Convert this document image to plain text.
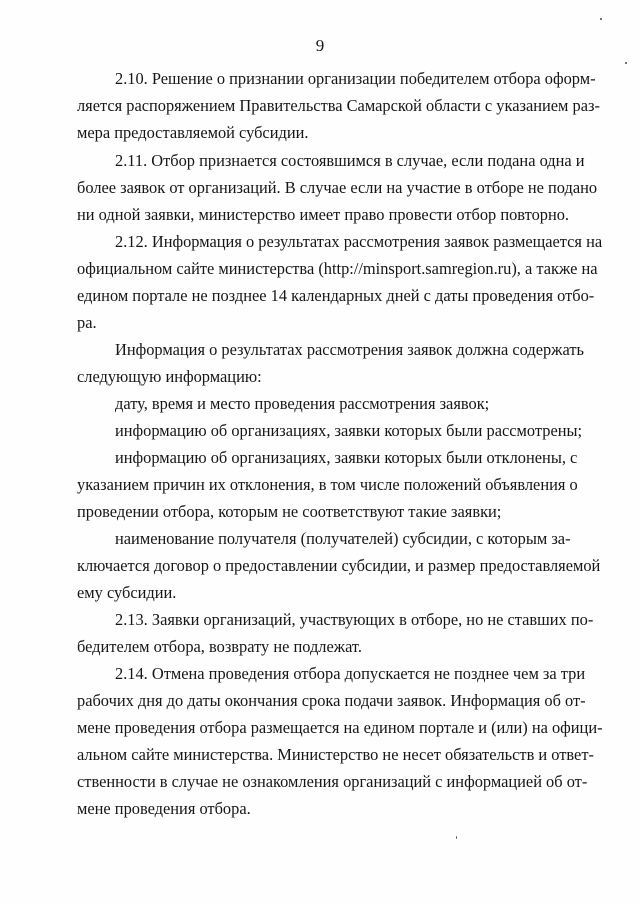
9
2.10. Решение о признании организации победителем отбора оформ-
ляется распоряжением Правительства Самарской области с указанием раз-
мера предоставляемой субсидии.
2.11. Отбор признается состоявшимся в случае, если подана одна и
более заявок от организаций. В случае если на участие в отборе не подано
ни одной заявки, министерство имеет право провести отбор повторно.
2.12. Информация о результатах рассмотрения заявок размещается на
официальном сайте министерства (http://minsport.samregion.ru), а также на
едином портале не позднее 14 календарных дней с даты проведения отбо-
ра.
Информация о результатах рассмотрения заявок должна содержать
следующую информацию:
дату, время и место проведения рассмотрения заявок;
информацию об организациях, заявки которых были рассмотрены;
информацию об организациях, заявки которых были отклонены, с
указанием причин их отклонения, в том числе положений объявления о
проведении отбора, которым не соответствуют такие заявки;
наименование получателя (получателей) субсидии, с которым за-
ключается договор о предоставлении субсидии, и размер предоставляемой
ему субсидии.
2.13. Заявки организаций, участвующих в отборе, но не ставших по-
бедителем отбора, возврату не подлежат.
2.14. Отмена проведения отбора допускается не позднее чем за три
рабочих дня до даты окончания срока подачи заявок. Информация об от-
мене проведения отбора размещается на едином портале и (или) на офици-
альном сайте министерства. Министерство не несет обязательств и ответ-
ственности в случае не ознакомления организаций с информацией об от-
мене проведения отбора.
